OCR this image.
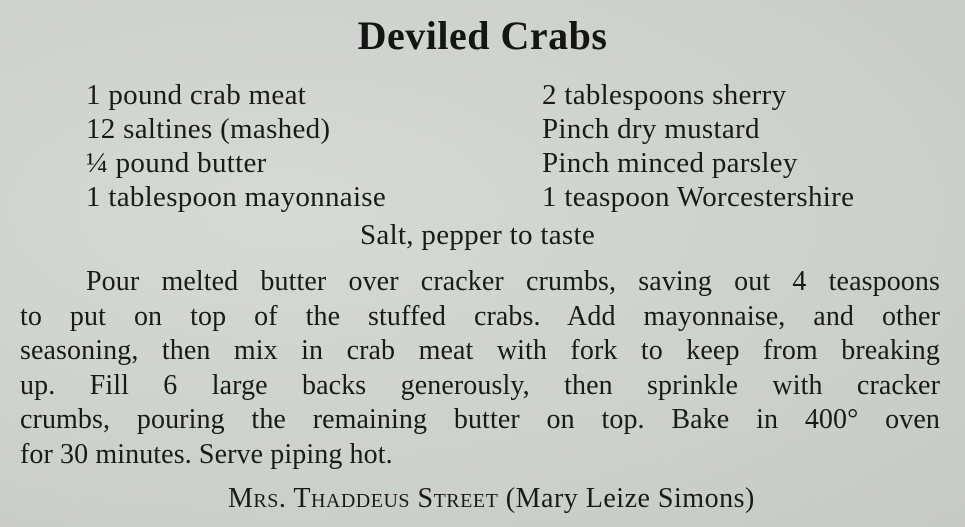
Deviled Crabs
1 pound crab meat
12 saltines (mashed)
¼ pound butter
1 tablespoon mayonnaise
2 tablespoons sherry
Pinch dry mustard
Pinch minced parsley
1 teaspoon Worcestershire
Salt, pepper to taste
Pour melted butter over cracker crumbs, saving out 4 teaspoons
to put on top of the stuffed crabs. Add mayonnaise, and other
seasoning, then mix in crab meat with fork to keep from breaking
up. Fill 6 large backs generously, then sprinkle with cracker
crumbs, pouring the remaining butter on top. Bake in 400° oven
for 30 minutes. Serve piping hot.
Mrs. Thaddeus Street (Mary Leize Simons)
